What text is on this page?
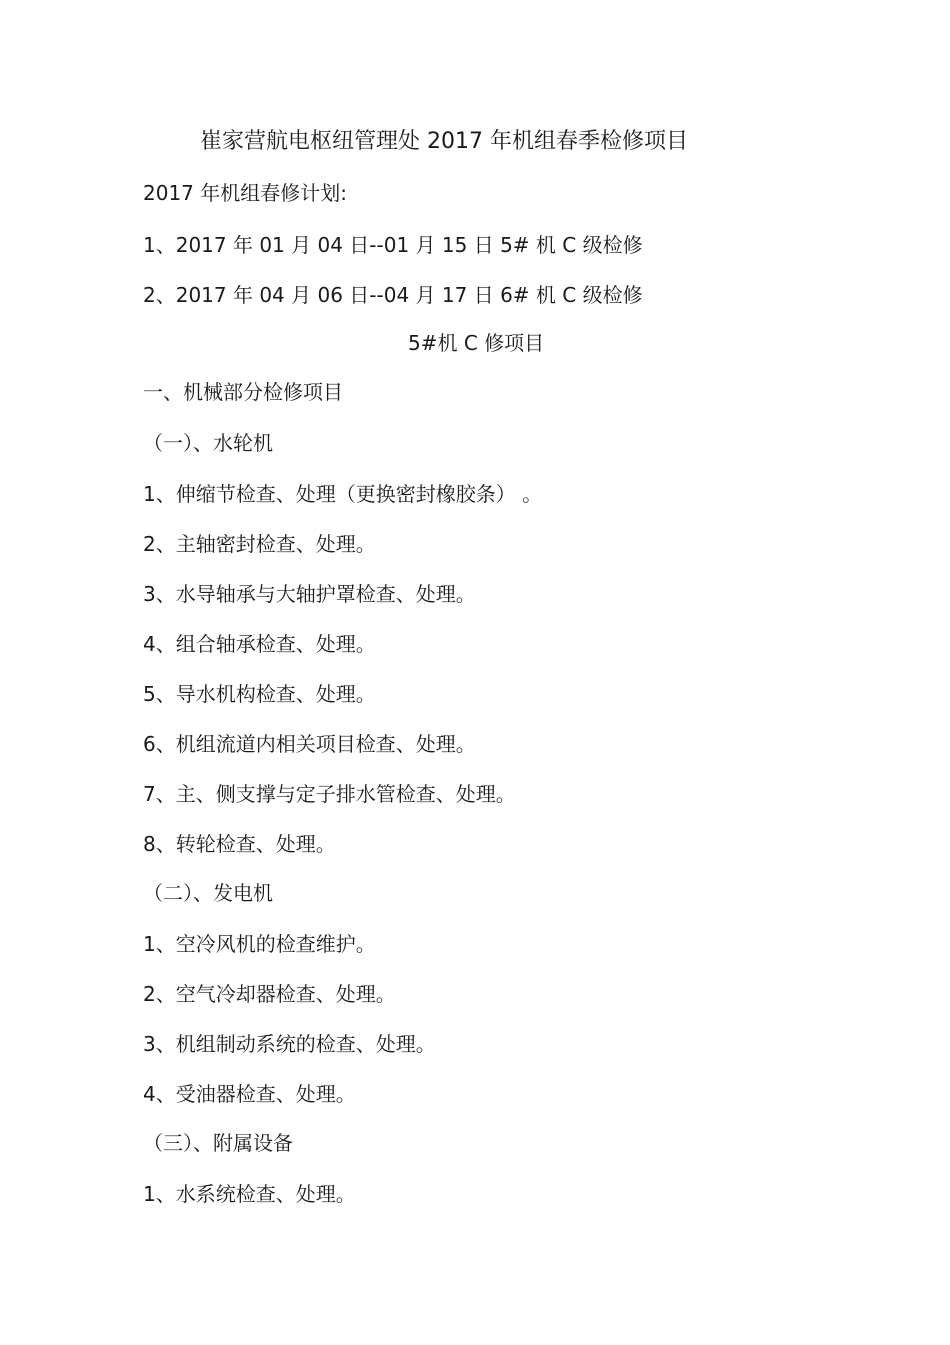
崔家营航电枢纽管理处 2017 年机组春季检修项目
2017 年机组春修计划:
1、2017 年 01 月 04 日--01 月 15 日 5# 机 C 级检修
2、2017 年 04 月 06 日--04 月 17 日 6# 机 C 级检修
5#机 C 修项目
一、机械部分检修项目
（一）、水轮机
1、伸缩节检查、处理（更换密封橡胶条） 。
2、主轴密封检查、处理。
3、水导轴承与大轴护罩检查、处理。
4、组合轴承检查、处理。
5、导水机构检查、处理。
6、机组流道内相关项目检查、处理。
7、主、侧支撑与定子排水管检查、处理。
8、转轮检查、处理。
（二）、发电机
1、空冷风机的检查维护。
2、空气冷却器检查、处理。
3、机组制动系统的检查、处理。
4、受油器检查、处理。
（三）、附属设备
1、水系统检查、处理。
